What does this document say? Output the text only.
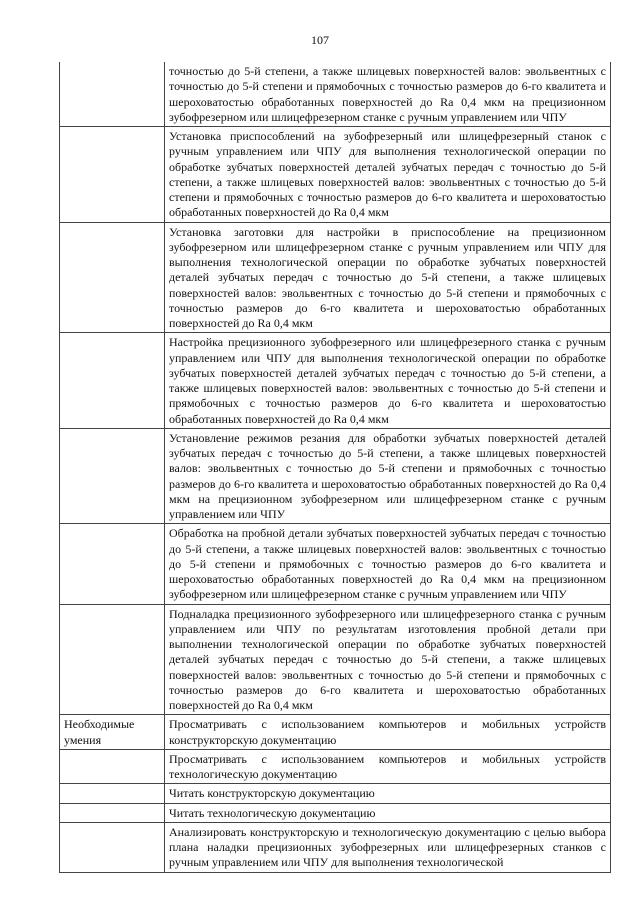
107
	точностью до 5-й степени, а также шлицевых поверхностей валов: эвольвентных с точностью до 5-й степени и прямобочных с точностью размеров до 6-го квалитета и шероховатостью обработанных поверхностей до Ra 0,4 мкм на прецизионном зубофрезерном или шлицефрезерном станке с ручным управлением или ЧПУ
	Установка приспособлений на зубофрезерный или шлицефрезерный станок с ручным управлением или ЧПУ для выполнения технологической операции по обработке зубчатых поверхностей деталей зубчатых передач с точностью до 5-й степени, а также шлицевых поверхностей валов: эвольвентных с точностью до 5-й степени и прямобочных с точностью размеров до 6-го квалитета и шероховатостью обработанных поверхностей до Ra 0,4 мкм
	Установка заготовки для настройки в приспособление на прецизионном зубофрезерном или шлицефрезерном станке с ручным управлением или ЧПУ для выполнения технологической операции по обработке зубчатых поверхностей деталей зубчатых передач с точностью до 5-й степени, а также шлицевых поверхностей валов: эвольвентных с точностью до 5-й степени и прямобочных с точностью размеров до 6-го квалитета и шероховатостью обработанных поверхностей до Ra 0,4 мкм
	Настройка прецизионного зубофрезерного или шлицефрезерного станка с ручным управлением или ЧПУ для выполнения технологической операции по обработке зубчатых поверхностей деталей зубчатых передач с точностью до 5-й степени, а также шлицевых поверхностей валов: эвольвентных с точностью до 5-й степени и прямобочных с точностью размеров до 6-го квалитета и шероховатостью обработанных поверхностей до Ra 0,4 мкм
	Установление режимов резания для обработки зубчатых поверхностей деталей зубчатых передач с точностью до 5-й степени, а также шлицевых поверхностей валов: эвольвентных с точностью до 5-й степени и прямобочных с точностью размеров до 6-го квалитета и шероховатостью обработанных поверхностей до Ra 0,4 мкм на прецизионном зубофрезерном или шлицефрезерном станке с ручным управлением или ЧПУ
	Обработка на пробной детали зубчатых поверхностей зубчатых передач с точностью до 5-й степени, а также шлицевых поверхностей валов: эвольвентных с точностью до 5-й степени и прямобочных с точностью размеров до 6-го квалитета и шероховатостью обработанных поверхностей до Ra 0,4 мкм на прецизионном зубофрезерном или шлицефрезерном станке с ручным управлением или ЧПУ
	Подналадка прецизионного зубофрезерного или шлицефрезерного станка с ручным управлением или ЧПУ по результатам изготовления пробной детали при выполнении технологической операции по обработке зубчатых поверхностей деталей зубчатых передач с точностью до 5-й степени, а также шлицевых поверхностей валов: эвольвентных с точностью до 5-й степени и прямобочных с точностью размеров до 6-го квалитета и шероховатостью обработанных поверхностей до Ra 0,4 мкм
Необходимые умения	Просматривать с использованием компьютеров и мобильных устройств конструкторскую документацию
	Просматривать с использованием компьютеров и мобильных устройств технологическую документацию
	Читать конструкторскую документацию
	Читать технологическую документацию
	Анализировать конструкторскую и технологическую документацию с целью выбора плана наладки прецизионных зубофрезерных или шлицефрезерных станков с ручным управлением или ЧПУ для выполнения технологической
